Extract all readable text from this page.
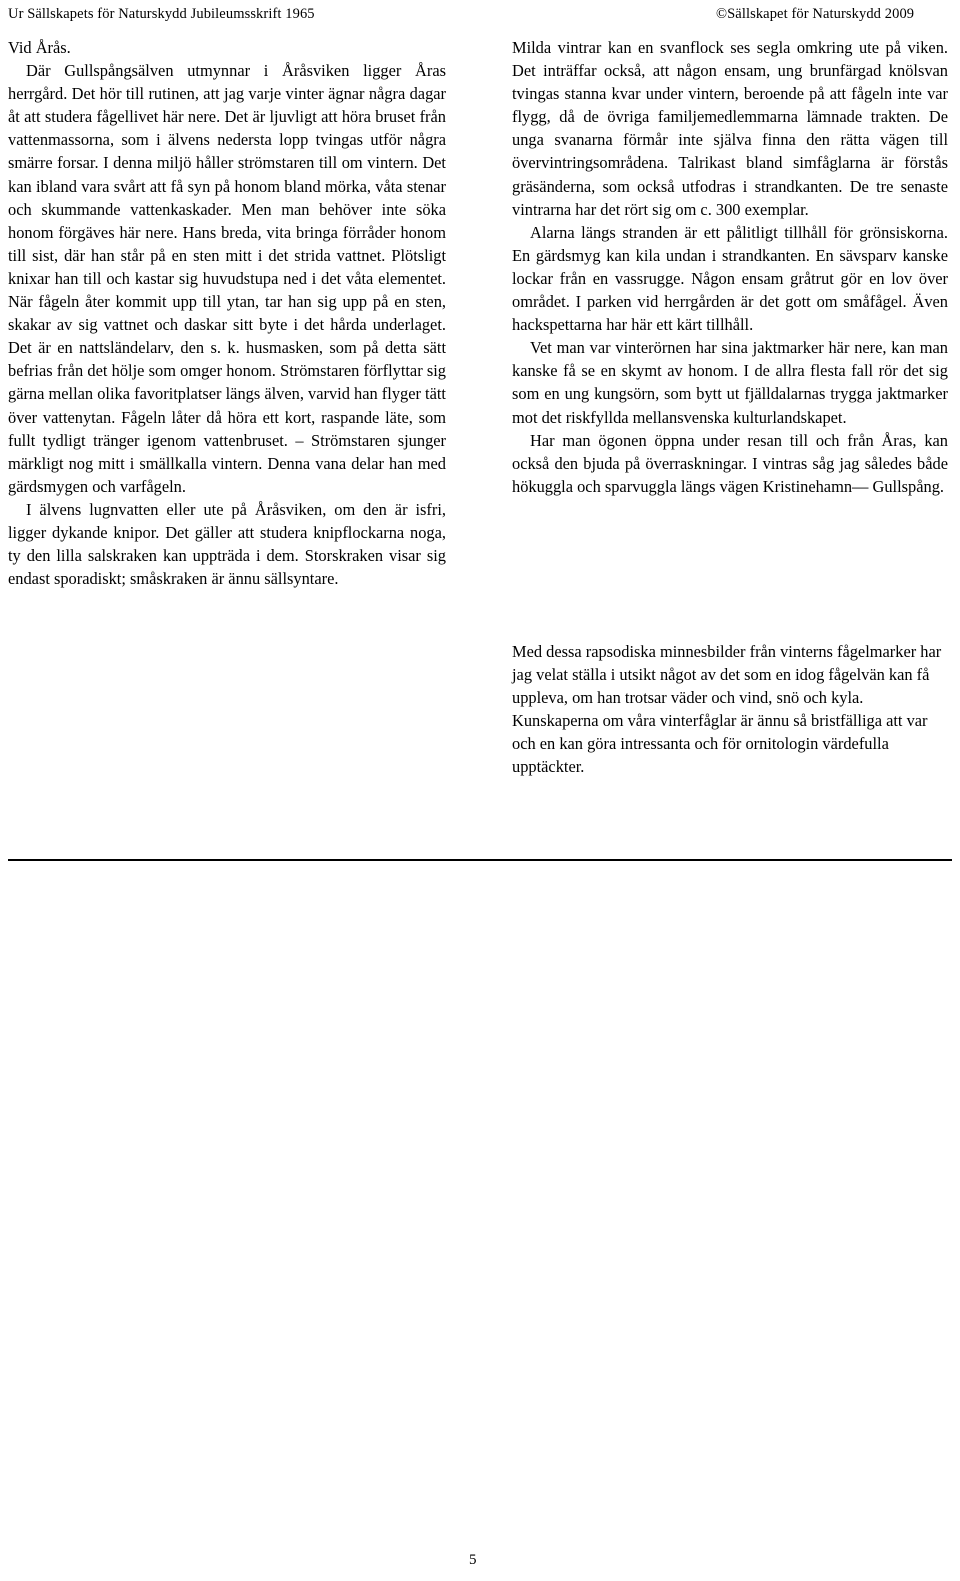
Ur Sällskapets för Naturskydd Jubileumsskrift 1965	©Sällskapet för Naturskydd 2009

Vid Årås.

Där Gullspångsälven utmynnar i Åråsviken ligger Åras herrgård. Det hör till rutinen, att jag varje vinter ägnar några dagar åt att studera fågellivet här nere. Det är ljuvligt att höra bruset från vattenmassorna, som i älvens nedersta lopp tvingas utför några smärre forsar. I denna miljö håller strömstaren till om vintern. Det kan ibland vara svårt att få syn på honom bland mörka, våta stenar och skummande vattenkaskader. Men man behöver inte söka honom förgäves här nere. Hans breda, vita bringa förråder honom till sist, där han står på en sten mitt i det strida vattnet. Plötsligt knixar han till och kastar sig huvudstupa ned i det våta elementet. När fågeln åter kommit upp till ytan, tar han sig upp på en sten, skakar av sig vattnet och daskar sitt byte i det hårda underlaget. Det är en nattsländelarv, den s. k. husmasken, som på detta sätt befrias från det hölje som omger honom. Strömstaren förflyttar sig gärna mellan olika favoritplatser längs älven, varvid han flyger tätt över vattenytan. Fågeln låter då höra ett kort, raspande läte, som fullt tydligt tränger igenom vattenbruset. – Strömstaren sjunger märkligt nog mitt i smällkalla vintern. Denna vana delar han med gärdsmygen och varfågeln.

I älvens lugnvatten eller ute på Åråsviken, om den är isfri, ligger dykande knipor. Det gäller att studera knipflockarna noga, ty den lilla salskraken kan uppträda i dem. Storskraken visar sig endast sporadiskt; småskraken är ännu sällsyntare.

Milda vintrar kan en svanflock ses segla omkring ute på viken. Det inträffar också, att någon ensam, ung brunfärgad knölsvan tvingas stanna kvar under vintern, beroende på att fågeln inte var flygg, då de övriga familjemedlemmarna lämnade trakten. De unga svanarna förmår inte själva finna den rätta vägen till övervintringsområdena. Talrikast bland simfåglarna är förstås gräsänderna, som också utfodras i strandkanten. De tre senaste vintrarna har det rört sig om c. 300 exemplar.

Alarna längs stranden är ett pålitligt tillhåll för grönsiskorna. En gärdsmyg kan kila undan i strandkanten. En sävsparv kanske lockar från en vassrugge. Någon ensam gråtrut gör en lov över området. I parken vid herrgården är det gott om småfågel. Även hackspettarna har här ett kärt tillhåll.

Vet man var vinterörnen har sina jaktmarker här nere, kan man kanske få se en skymt av honom. I de allra flesta fall rör det sig som en ung kungsörn, som bytt ut fjälldalarnas trygga jaktmarker mot det riskfyllda mellansvenska kulturlandskapet.

Har man ögonen öppna under resan till och från Åras, kan också den bjuda på överraskningar. I vintras såg jag således både hökuggla och sparvuggla längs vägen Kristinehamn— Gullspång.

Med dessa rapsodiska minnesbilder från vinterns fågelmarker har jag velat ställa i utsikt något av det som en idog fågelvän kan få uppleva, om han trotsar väder och vind, snö och kyla. Kunskaperna om våra vinterfåglar är ännu så bristfälliga att var och en kan göra intressanta och för ornitologin värdefulla upptäckter.

5
